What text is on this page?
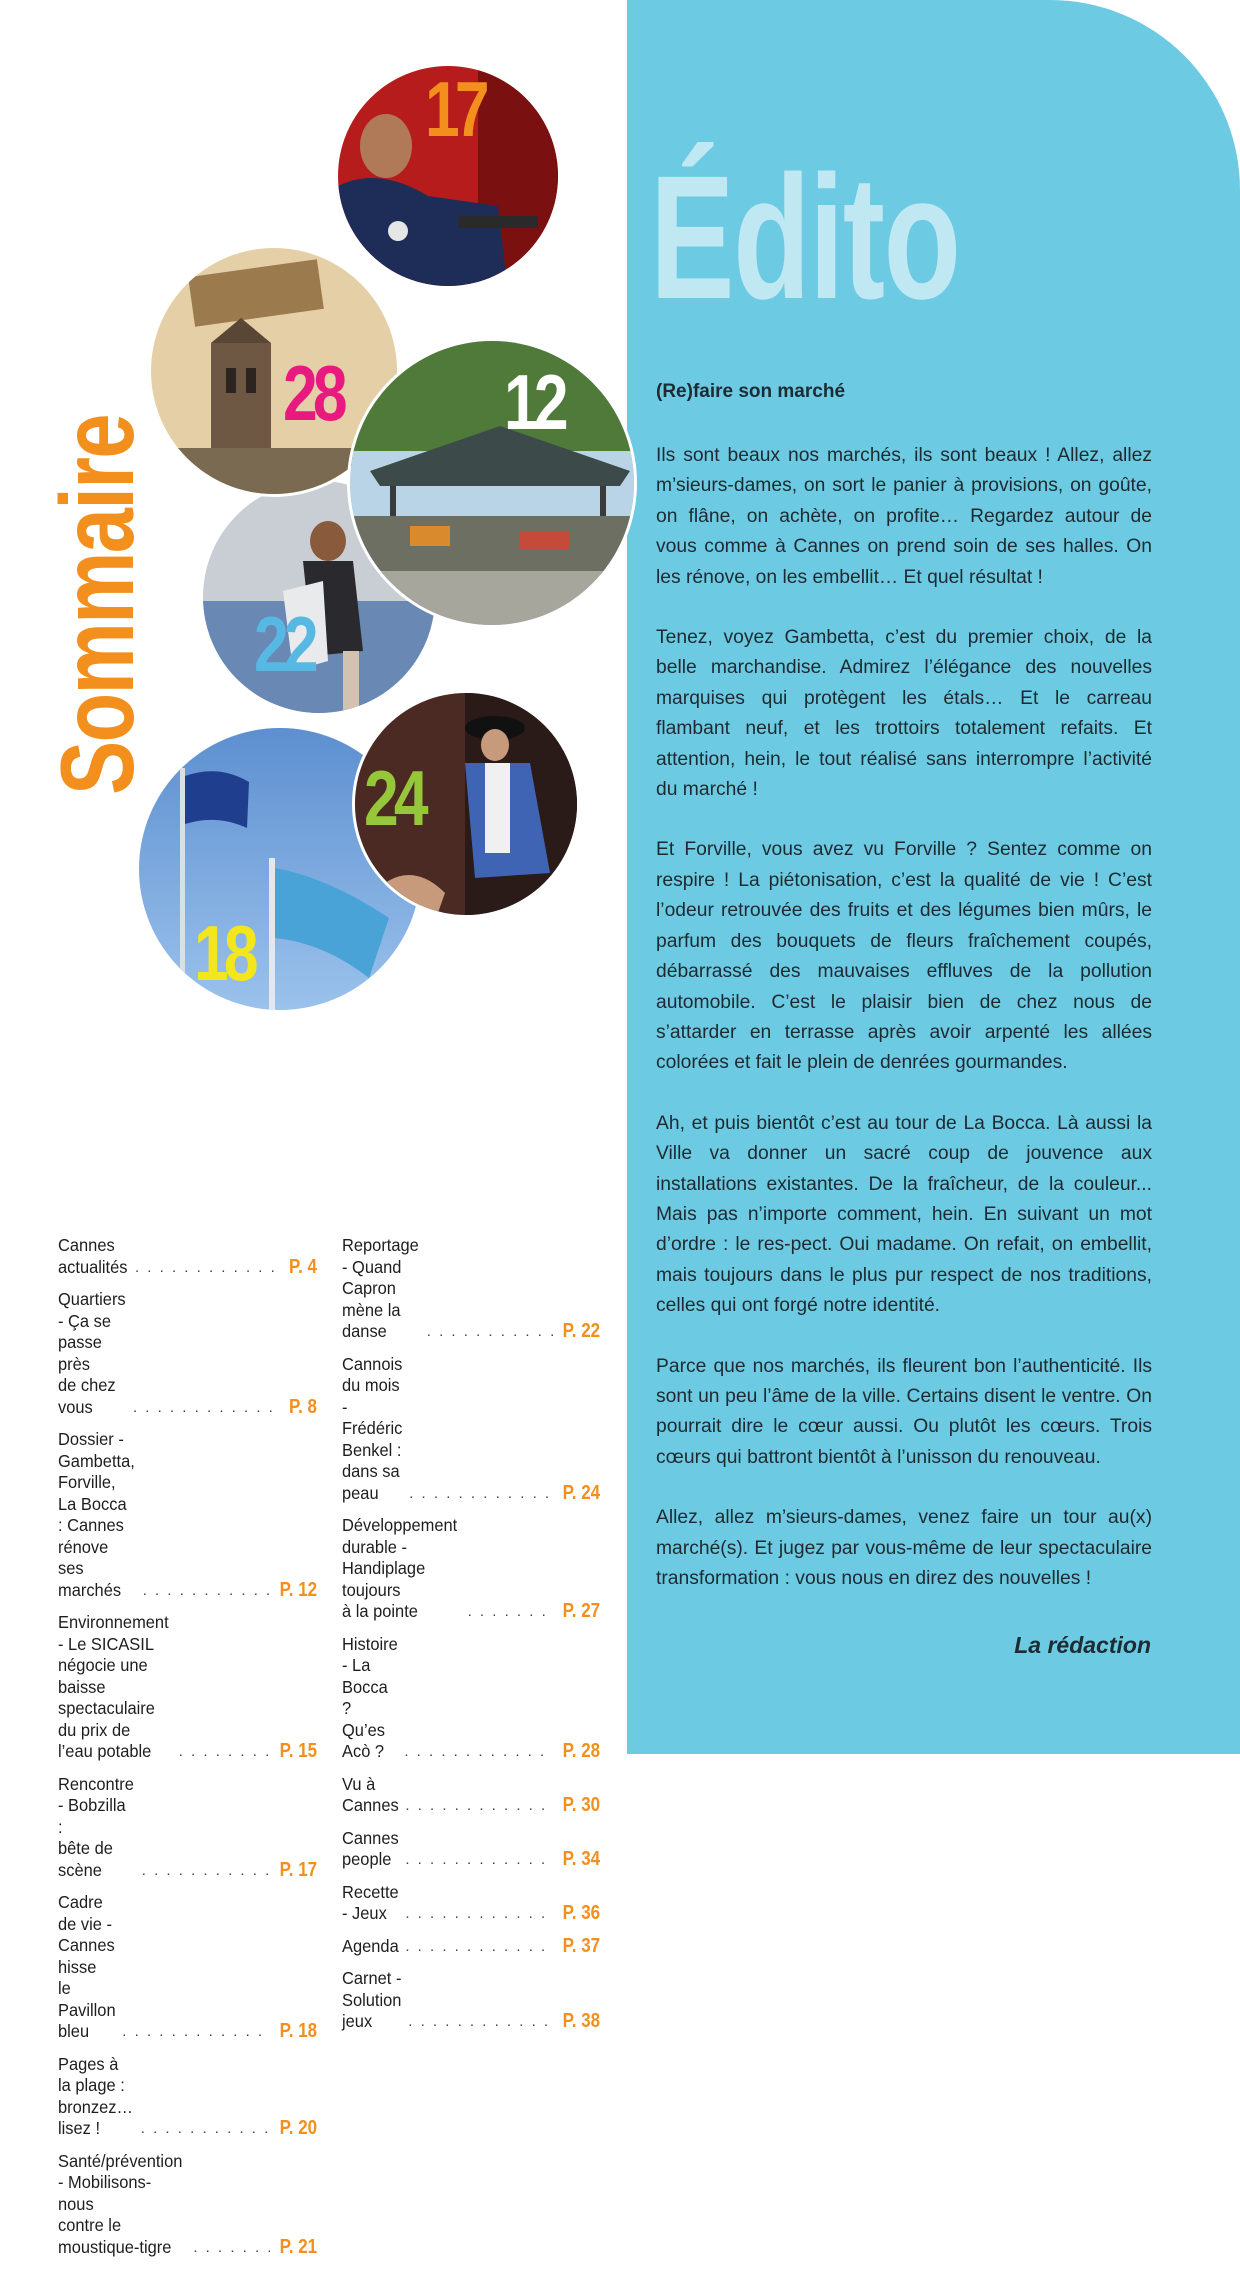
Édito
(Re)faire son marché

Ils sont beaux nos marchés, ils sont beaux ! Allez, allez m’sieurs-dames, on sort le panier à provisions, on goûte, on flâne, on achète, on profite… Regardez autour de vous comme à Cannes on prend soin de ses halles. On les rénove, on les embellit… Et quel résultat !

Tenez, voyez Gambetta, c’est du premier choix, de la belle marchandise. Admirez l’élégance des nouvelles marquises qui protègent les étals… Et le carreau flambant neuf, et les trottoirs totalement refaits. Et attention, hein, le tout réalisé sans interrompre l’activité du marché !

Et Forville, vous avez vu Forville ? Sentez comme on respire ! La piétonisation, c’est la qualité de vie ! C’est l’odeur retrouvée des fruits et des légumes bien mûrs, le parfum des bouquets de fleurs fraîchement coupés, débarrassé des mauvaises effluves de la pollution automobile. C’est le plaisir bien de chez nous de s’attarder en terrasse après avoir arpenté les allées colorées et fait le plein de denrées gourmandes.

Ah, et puis bientôt c’est au tour de La Bocca. Là aussi la Ville va donner un sacré coup de jouvence aux installations existantes. De la fraîcheur, de la couleur... Mais pas n’importe comment, hein. En suivant un mot d’ordre : le res-pect. Oui madame. On refait, on embellit, mais toujours dans le plus pur respect de nos traditions, celles qui ont forgé notre identité.

Parce que nos marchés, ils fleurent bon l’authenticité. Ils sont un peu l’âme de la ville. Certains disent le ventre. On pourrait dire le cœur aussi. Ou plutôt les cœurs. Trois cœurs qui battront bientôt à l’unisson du renouveau.

Allez, allez m’sieurs-dames, venez faire un tour au(x) marché(s). Et jugez par vous-même de leur spectaculaire transformation : vous nous en direz des nouvelles !

La rédaction

Sommaire
18
22
28
17
12
24
Cannes actualités . . .	P. 4
Quartiers - Ça se passe près
de chez vous . . .	P. 8
Dossier - Gambetta, Forville,
La Bocca : Cannes rénove
ses marchés . . .	P. 12
Environnement - Le SICASIL
négocie une baisse spectaculaire
du prix de l’eau potable . . .	P. 15
Rencontre - Bobzilla :
bête de scène . . .	P. 17
Cadre de vie - Cannes hisse
le Pavillon bleu . . .	P. 18
Pages à la plage :
bronzez…lisez ! . . .	P. 20
Santé/prévention - Mobilisons-nous
contre le moustique-tigre . . .	P. 21
Reportage - Quand Capron
mène la danse . . .	P. 22
Cannois du mois - Frédéric Benkel :
dans sa peau . . .	P. 24
Développement durable -
Handiplage toujours
à la pointe . . .	P. 27
Histoire - La Bocca ?
Qu’es Acò ? . . .	P. 28
Vu à Cannes . . .	P. 30
Cannes people . . .	P. 34
Recette - Jeux . . .	P. 36
Agenda . . .	P. 37
Carnet - Solution jeux . . .	P. 38
